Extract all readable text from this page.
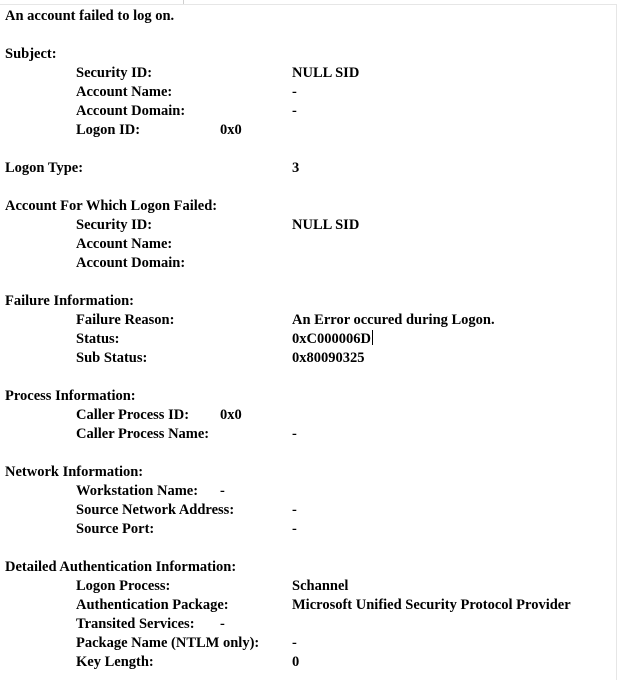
An account failed to log on.
Subject:
Security ID:	NULL SID
Account Name:	-
Account Domain:	-
Logon ID:	0x0
Logon Type:	3
Account For Which Logon Failed:
Security ID:	NULL SID
Account Name:
Account Domain:
Failure Information:
Failure Reason:	An Error occured during Logon.
Status:	0xC000006D
Sub Status:	0x80090325
Process Information:
Caller Process ID: 0x0
Caller Process Name:	-
Network Information:
Workstation Name: -
Source Network Address:	-
Source Port:	-
Detailed Authentication Information:
Logon Process:	Schannel
Authentication Package:	Microsoft Unified Security Protocol Provider
Transited Services: -
Package Name (NTLM only): -
Key Length:	0
